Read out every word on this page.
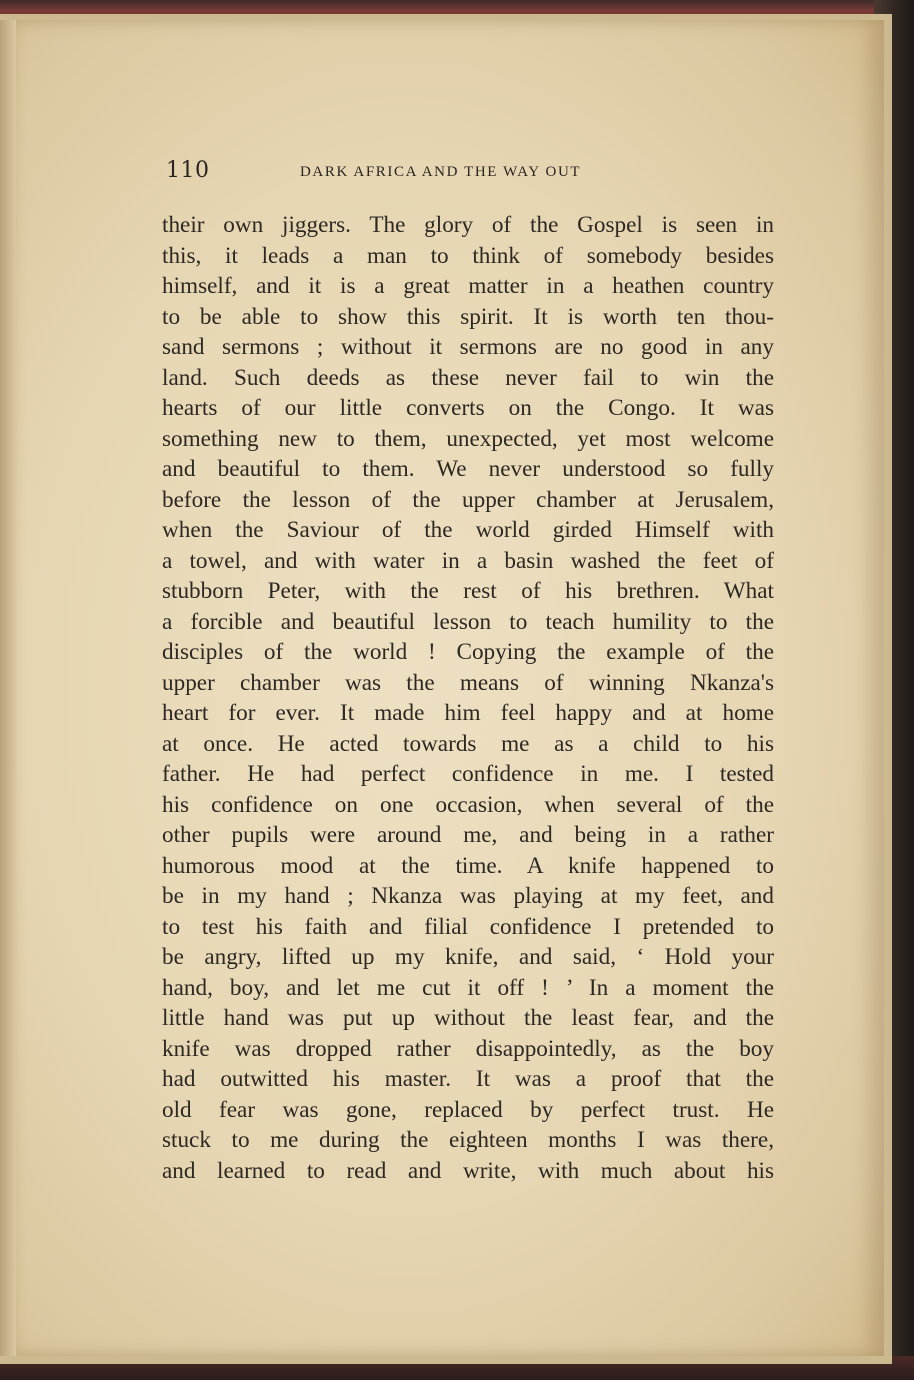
110	DARK AFRICA AND THE WAY OUT
their own jiggers. The glory of the Gospel is seen in
this, it leads a man to think of somebody besides
himself, and it is a great matter in a heathen country
to be able to show this spirit. It is worth ten thou-
sand sermons ; without it sermons are no good in any
land. Such deeds as these never fail to win the
hearts of our little converts on the Congo. It was
something new to them, unexpected, yet most welcome
and beautiful to them. We never understood so fully
before the lesson of the upper chamber at Jerusalem,
when the Saviour of the world girded Himself with
a towel, and with water in a basin washed the feet of
stubborn Peter, with the rest of his brethren. What
a forcible and beautiful lesson to teach humility to the
disciples of the world ! Copying the example of the
upper chamber was the means of winning Nkanza's
heart for ever. It made him feel happy and at home
at once. He acted towards me as a child to his
father. He had perfect confidence in me. I tested
his confidence on one occasion, when several of the
other pupils were around me, and being in a rather
humorous mood at the time. A knife happened to
be in my hand ; Nkanza was playing at my feet, and
to test his faith and filial confidence I pretended to
be angry, lifted up my knife, and said, ‘ Hold your
hand, boy, and let me cut it off ! ’ In a moment the
little hand was put up without the least fear, and the
knife was dropped rather disappointedly, as the boy
had outwitted his master. It was a proof that the
old fear was gone, replaced by perfect trust. He
stuck to me during the eighteen months I was there,
and learned to read and write, with much about his
